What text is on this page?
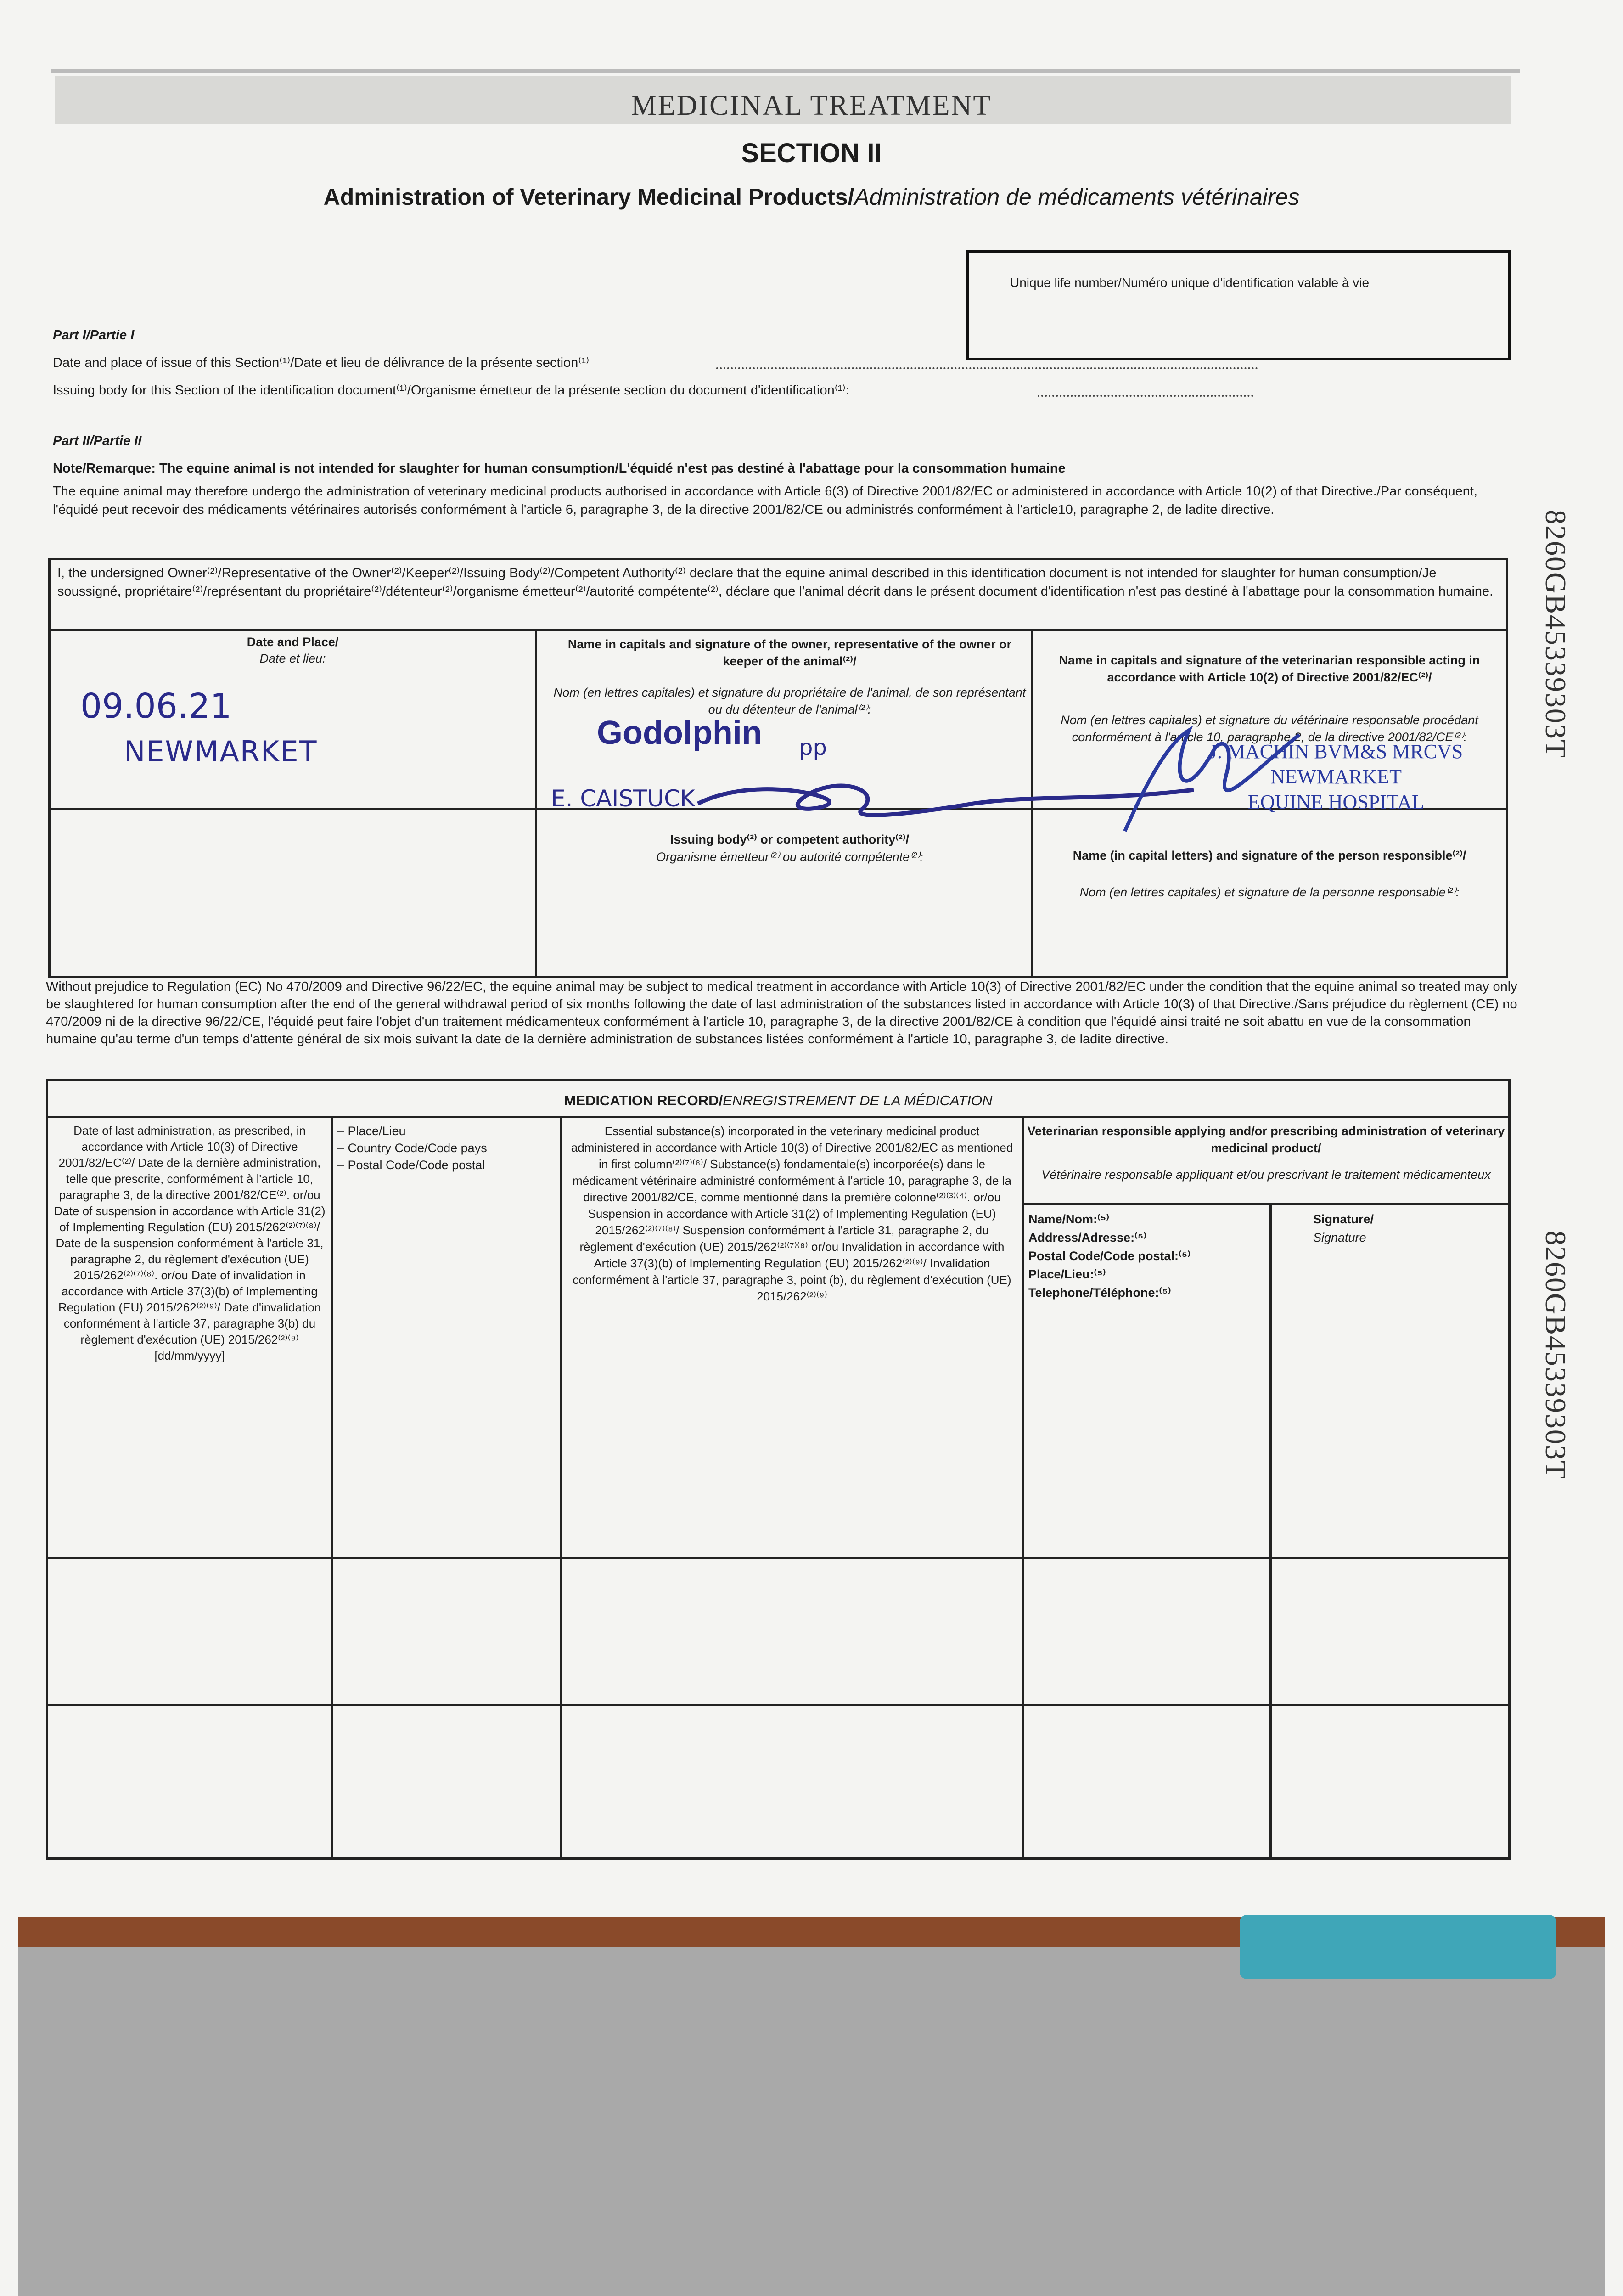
MEDICINAL TREATMENT
SECTION II
Administration of Veterinary Medicinal Products/Administration de médicaments vétérinaires
Unique life number/Numéro unique d'identification valable à vie
Part I/Partie I
Date and place of issue of this Section⁽¹⁾/Date et lieu de délivrance de la présente section⁽¹⁾
Issuing body for this Section of the identification document⁽¹⁾/Organisme émetteur de la présente section du document d'identification⁽¹⁾:
Part II/Partie II
Note/Remarque: The equine animal is not intended for slaughter for human consumption/L'équidé n'est pas destiné à l'abattage pour la consommation humaine
The equine animal may therefore undergo the administration of veterinary medicinal products authorised in accordance with Article 6(3) of Directive 2001/82/EC or administered in accordance with Article 10(2) of that Directive./Par conséquent, l'équidé peut recevoir des médicaments vétérinaires autorisés conformément à l'article 6, paragraphe 3, de la directive 2001/82/CE ou administrés conformément à l'article10, paragraphe 2, de ladite directive.
I, the undersigned Owner⁽²⁾/Representative of the Owner⁽²⁾/Keeper⁽²⁾/Issuing Body⁽²⁾/Competent Authority⁽²⁾ declare that the equine animal described in this identification document is not intended for slaughter for human consumption/Je soussigné, propriétaire⁽²⁾/représentant du propriétaire⁽²⁾/détenteur⁽²⁾/organisme émetteur⁽²⁾/autorité compétente⁽²⁾, déclare que l'animal décrit dans le présent document d'identification n'est pas destiné à l'abattage pour la consommation humaine.
Date and Place/
Date et lieu:
Name in capitals and signature of the owner, representative of the owner or keeper of the animal⁽²⁾/
Nom (en lettres capitales) et signature du propriétaire de l'animal, de son représentant ou du détenteur de l'animal⁽²⁾:
Name in capitals and signature of the veterinarian responsible acting in accordance with Article 10(2) of Directive 2001/82/EC⁽²⁾/
Nom (en lettres capitales) et signature du vétérinaire responsable procédant conformément à l'article 10, paragraphe 2, de la directive 2001/82/CE⁽²⁾:
09.06.21
NEWMARKET
Godolphin pp
E. CAISTUCK
J. MACHIN BVM&S MRCVS
NEWMARKET
EQUINE HOSPITAL
Issuing body⁽²⁾ or competent authority⁽²⁾/
Organisme émetteur⁽²⁾ ou autorité compétente⁽²⁾:	Name (in capital letters) and signature of the person responsible⁽²⁾/
Nom (en lettres capitales) et signature de la personne responsable⁽²⁾:
Without prejudice to Regulation (EC) No 470/2009 and Directive 96/22/EC, the equine animal may be subject to medical treatment in accordance with Article 10(3) of Directive 2001/82/EC under the condition that the equine animal so treated may only be slaughtered for human consumption after the end of the general withdrawal period of six months following the date of last administration of the substances listed in accordance with Article 10(3) of that Directive./Sans préjudice du règlement (CE) no 470/2009 ni de la directive 96/22/CE, l'équidé peut faire l'objet d'un traitement médicamenteux conformément à l'article 10, paragraphe 3, de la directive 2001/82/CE à condition que l'équidé ainsi traité ne soit abattu en vue de la consommation humaine qu'au terme d'un temps d'attente général de six mois suivant la date de la dernière administration de substances listées conformément à l'article 10, paragraphe 3, de ladite directive.
MEDICATION RECORD/ENREGISTREMENT DE LA MÉDICATION
Date of last administration, as prescribed, in accordance with Article 10(3) of Directive 2001/82/EC⁽²⁾/ Date de la dernière administration, telle que prescrite, conformément à l'article 10, paragraphe 3, de la directive 2001/82/CE⁽²⁾. or/ou Date of suspension in accordance with Article 31(2) of Implementing Regulation (EU) 2015/262⁽²⁾⁽⁷⁾⁽⁸⁾/ Date de la suspension conformément à l'article 31, paragraphe 2, du règlement d'exécution (UE) 2015/262⁽²⁾⁽⁷⁾⁽⁸⁾. or/ou Date of invalidation in accordance with Article 37(3)(b) of Implementing Regulation (EU) 2015/262⁽²⁾⁽⁹⁾/ Date d'invalidation conformément à l'article 37, paragraphe 3(b) du règlement d'exécution (UE) 2015/262⁽²⁾⁽⁹⁾ [dd/mm/yyyy]
– Place/Lieu
– Country Code/Code pays
– Postal Code/Code postal
Essential substance(s) incorporated in the veterinary medicinal product administered in accordance with Article 10(3) of Directive 2001/82/EC as mentioned in first column⁽²⁾⁽⁷⁾⁽⁸⁾/ Substance(s) fondamentale(s) incorporée(s) dans le médicament vétérinaire administré conformément à l'article 10, paragraphe 3, de la directive 2001/82/CE, comme mentionné dans la première colonne⁽²⁾⁽³⁾⁽⁴⁾. or/ou Suspension in accordance with Article 31(2) of Implementing Regulation (EU) 2015/262⁽²⁾⁽⁷⁾⁽⁸⁾/ Suspension conformément à l'article 31, paragraphe 2, du règlement d'exécution (UE) 2015/262⁽²⁾⁽⁷⁾⁽⁸⁾ or/ou Invalidation in accordance with Article 37(3)(b) of Implementing Regulation (EU) 2015/262⁽²⁾⁽⁹⁾/ Invalidation conformément à l'article 37, paragraphe 3, point (b), du règlement d'exécution (UE) 2015/262⁽²⁾⁽⁹⁾
Veterinarian responsible applying and/or prescribing administration of veterinary medicinal product/
Vétérinaire responsable appliquant et/ou prescrivant le traitement médicamenteux
Name/Nom:⁽⁵⁾
Address/Adresse:⁽⁵⁾
Postal Code/Code postal:⁽⁵⁾
Place/Lieu:⁽⁵⁾
Telephone/Téléphone:⁽⁵⁾
Signature/
Signature
8260GB45339303T
8260GB45339303T
